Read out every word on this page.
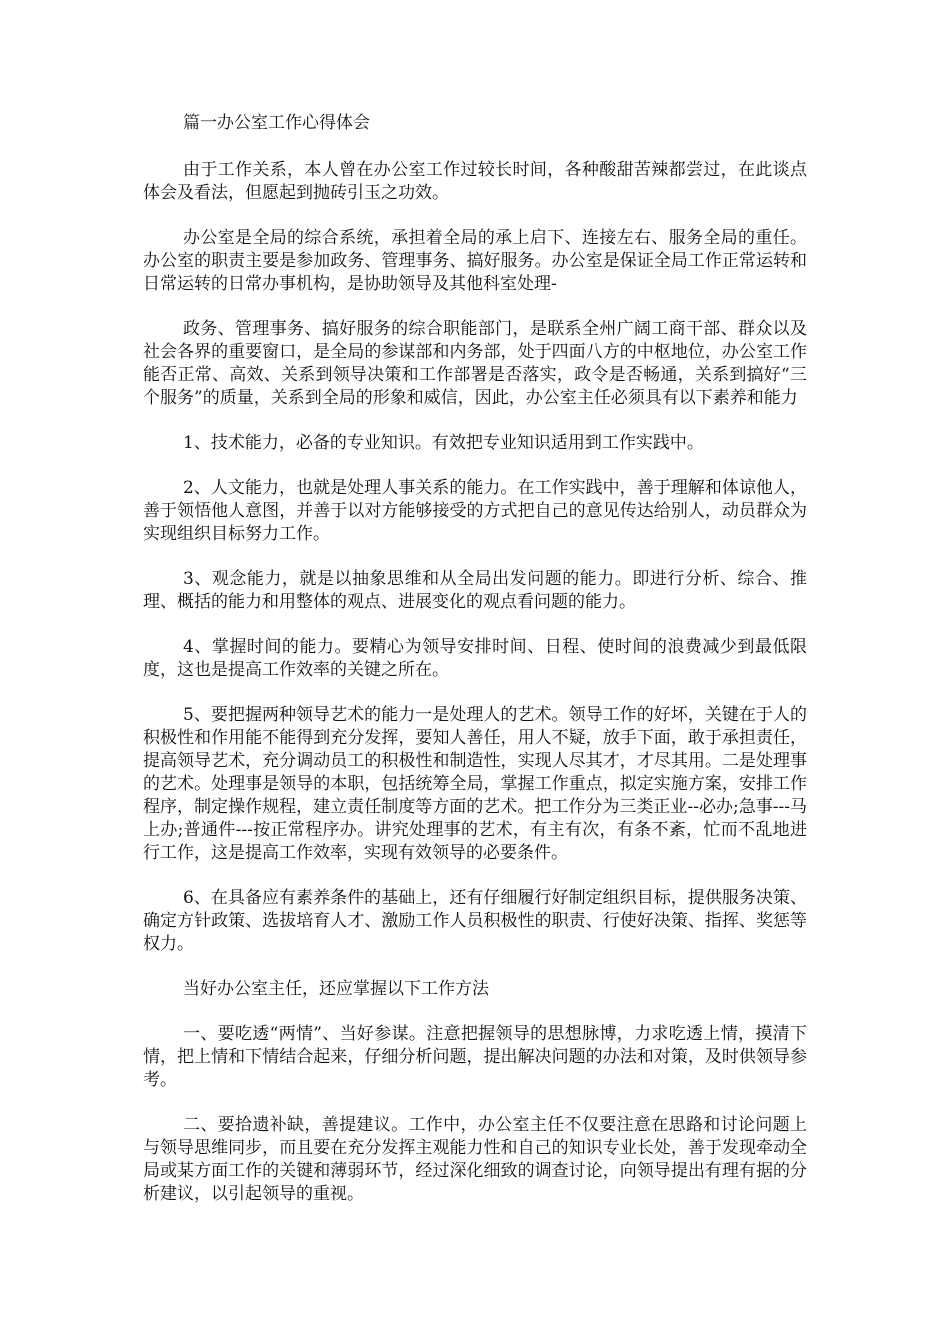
篇一办公室工作心得体会

由于工作关系，本人曾在办公室工作过较长时间，各种酸甜苦辣都尝过，在此谈点体会及看法，但愿起到抛砖引玉之功效。

办公室是全局的综合系统，承担着全局的承上启下、连接左右、服务全局的重任。办公室的职责主要是参加政务、管理事务、搞好服务。办公室是保证全局工作正常运转和日常运转的日常办事机构，是协助领导及其他科室处理-

政务、管理事务、搞好服务的综合职能部门，是联系全州广阔工商干部、群众以及社会各界的重要窗口，是全局的参谋部和内务部，处于四面八方的中枢地位，办公室工作能否正常、高效、关系到领导决策和工作部署是否落实，政令是否畅通，关系到搞好“三个服务”的质量，关系到全局的形象和威信，因此，办公室主任必须具有以下素养和能力

1、技术能力，必备的专业知识。有效把专业知识适用到工作实践中。

2、人文能力，也就是处理人事关系的能力。在工作实践中，善于理解和体谅他人，善于领悟他人意图，并善于以对方能够接受的方式把自己的意见传达给别人，动员群众为实现组织目标努力工作。

3、观念能力，就是以抽象思维和从全局出发问题的能力。即进行分析、综合、推理、概括的能力和用整体的观点、进展变化的观点看问题的能力。

4、掌握时间的能力。要精心为领导安排时间、日程、使时间的浪费减少到最低限度，这也是提高工作效率的关键之所在。

5、要把握两种领导艺术的能力一是处理人的艺术。领导工作的好坏，关键在于人的积极性和作用能不能得到充分发挥，要知人善任，用人不疑，放手下面，敢于承担责任，提高领导艺术，充分调动员工的积极性和制造性，实现人尽其才，才尽其用。二是处理事的艺术。处理事是领导的本职，包括统筹全局，掌握工作重点，拟定实施方案，安排工作程序，制定操作规程，建立责任制度等方面的艺术。把工作分为三类正业--必办;急事---马上办;普通件---按正常程序办。讲究处理事的艺术，有主有次，有条不紊，忙而不乱地进行工作，这是提高工作效率，实现有效领导的必要条件。

6、在具备应有素养条件的基础上，还有仔细履行好制定组织目标，提供服务决策、确定方针政策、选拔培育人才、激励工作人员积极性的职责、行使好决策、指挥、奖惩等权力。

当好办公室主任，还应掌握以下工作方法

一、要吃透“两情”、当好参谋。注意把握领导的思想脉博，力求吃透上情，摸清下情，把上情和下情结合起来，仔细分析问题，提出解决问题的办法和对策，及时供领导参考。

二、要拾遗补缺，善提建议。工作中，办公室主任不仅要注意在思路和讨论问题上与领导思维同步，而且要在充分发挥主观能力性和自己的知识专业长处，善于发现牵动全局或某方面工作的关键和薄弱环节，经过深化细致的调查讨论，向领导提出有理有据的分析建议，以引起领导的重视。
